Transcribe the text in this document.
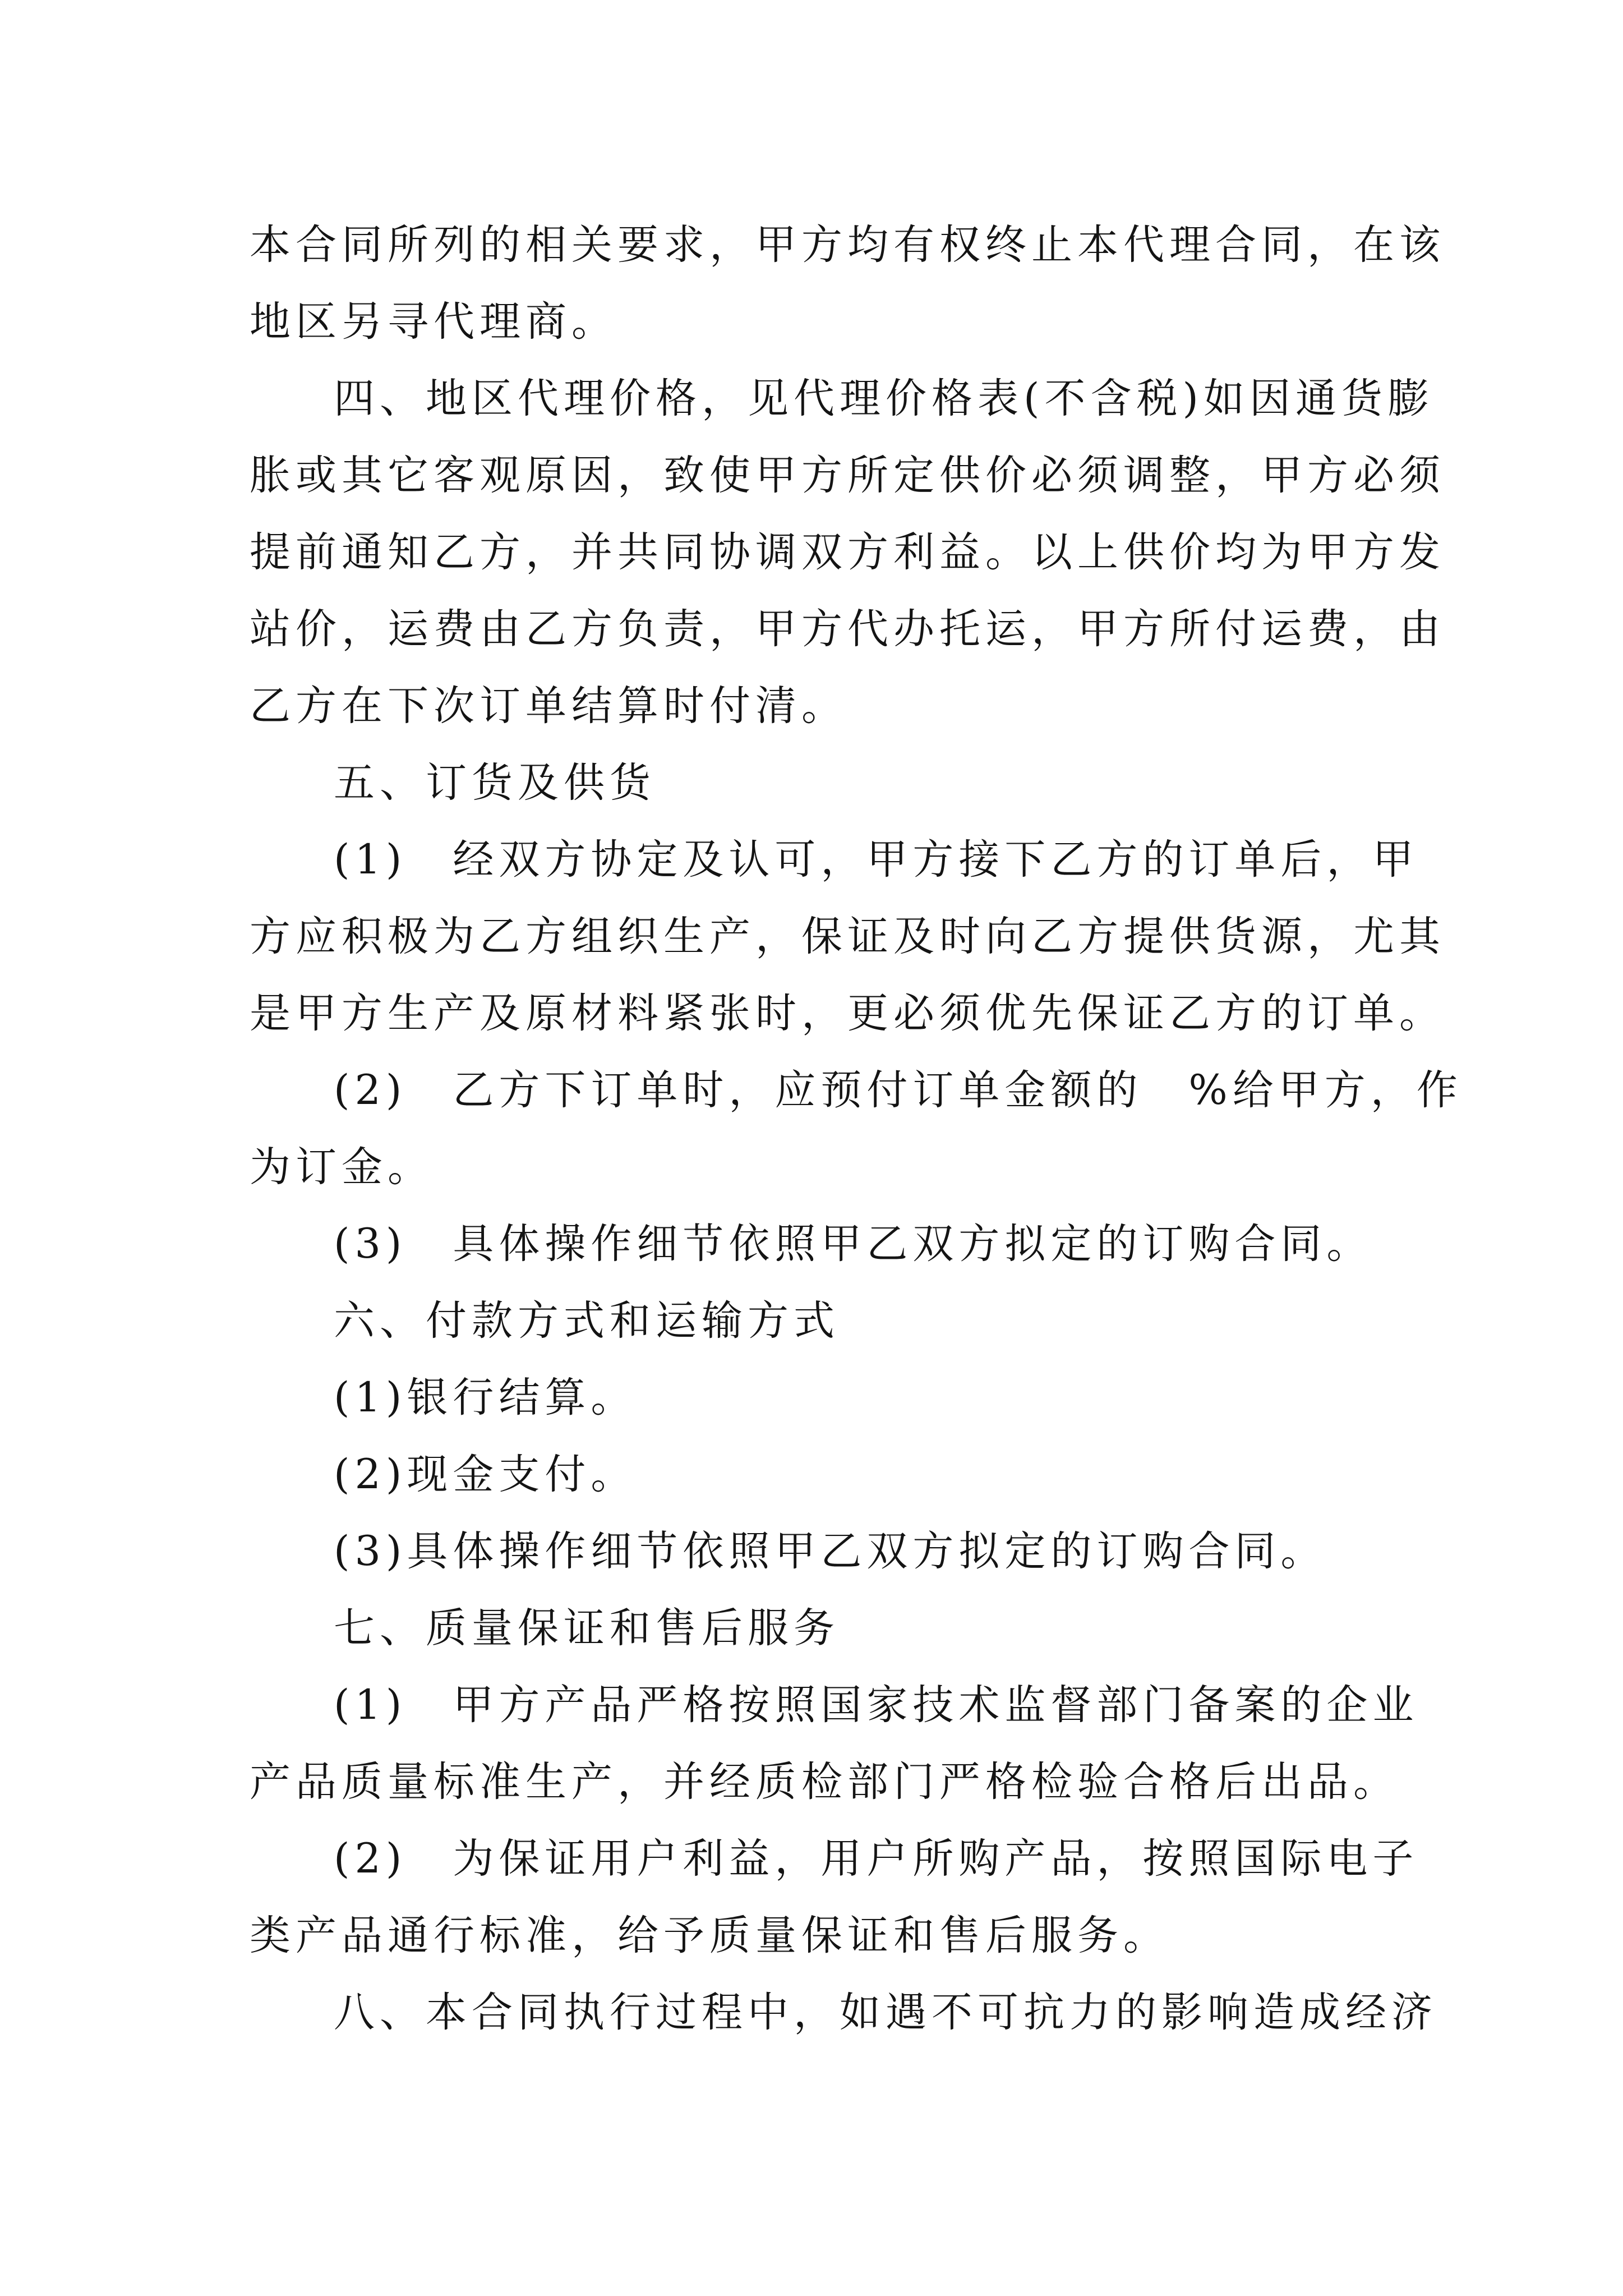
本合同所列的相关要求，甲方均有权终止本代理合同，在该
地区另寻代理商。
四、地区代理价格，见代理价格表(不含税)如因通货膨
胀或其它客观原因，致使甲方所定供价必须调整，甲方必须
提前通知乙方，并共同协调双方利益。以上供价均为甲方发
站价，运费由乙方负责，甲方代办托运，甲方所付运费，由
乙方在下次订单结算时付清。
五、订货及供货
(1)　经双方协定及认可，甲方接下乙方的订单后，甲
方应积极为乙方组织生产，保证及时向乙方提供货源，尤其
是甲方生产及原材料紧张时，更必须优先保证乙方的订单。
(2)　乙方下订单时，应预付订单金额的　%给甲方，作
为订金。
(3)　具体操作细节依照甲乙双方拟定的订购合同。
六、付款方式和运输方式
(1)银行结算。
(2)现金支付。
(3)具体操作细节依照甲乙双方拟定的订购合同。
七、质量保证和售后服务
(1)　甲方产品严格按照国家技术监督部门备案的企业
产品质量标准生产，并经质检部门严格检验合格后出品。
(2)　为保证用户利益，用户所购产品，按照国际电子
类产品通行标准，给予质量保证和售后服务。
八、本合同执行过程中，如遇不可抗力的影响造成经济
